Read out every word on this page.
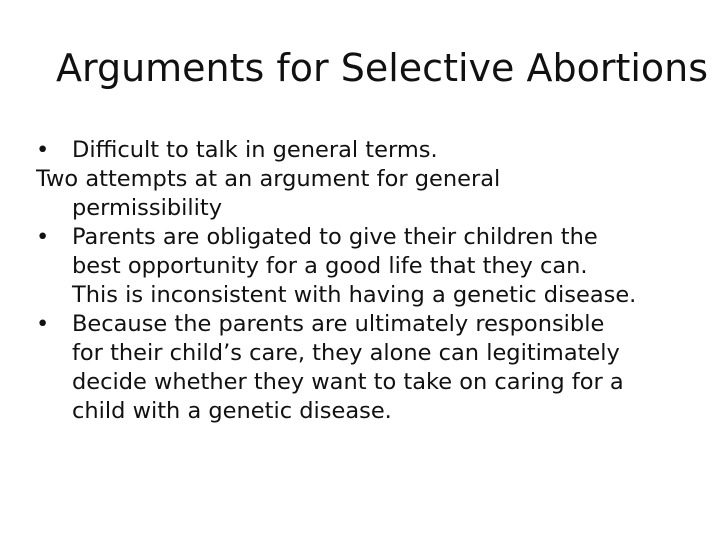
Arguments for Selective Abortions

• Difficult to talk in general terms.

Two attempts at an argument for general

permissibility

• Parents are obligated to give their children the

best opportunity for a good life that they can.

This is inconsistent with having a genetic disease.

• Because the parents are ultimately responsible

for their child’s care, they alone can legitimately

decide whether they want to take on caring for a

child with a genetic disease.
